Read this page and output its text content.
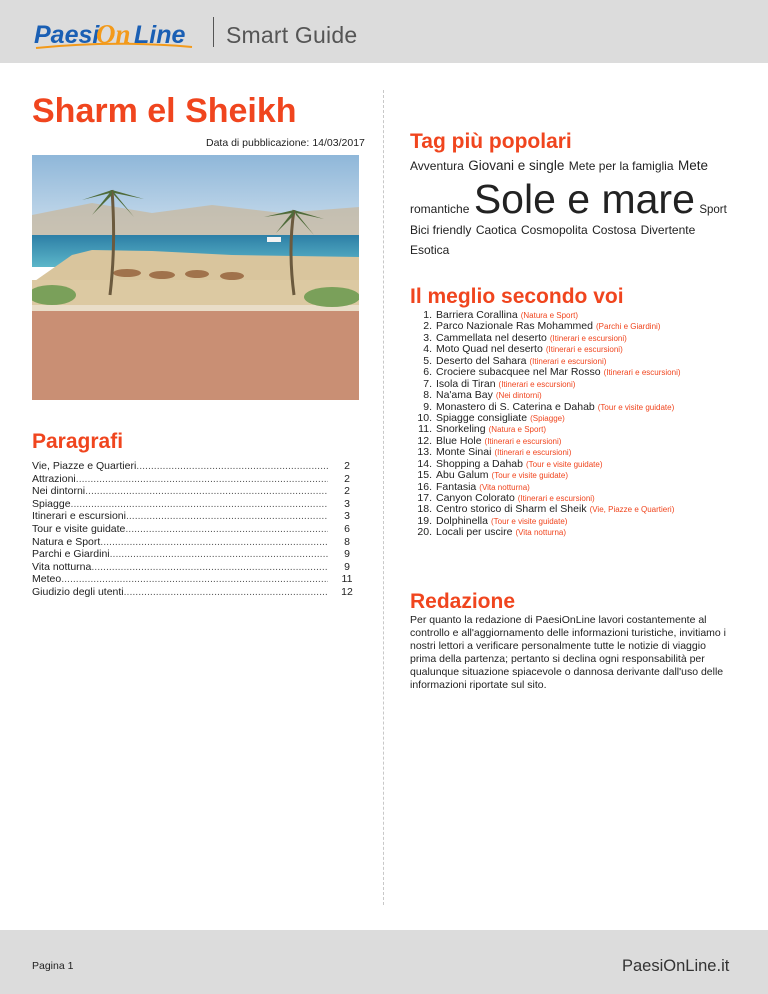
Paesi
On Line Smart Guide
Sharm el Sheikh
Data di pubblicazione: 14/03/2017
Paragrafi
Vie, Piazze e Quartieri .....	2
Attrazioni .....	2
Nei dintorni .....	2
Spiagge .....	3
Itinerari e escursioni .....	3
Tour e visite guidate .....	6
Natura e Sport .....	8
Parchi e Giardini .....	9
Vita notturna .....	9
Meteo .....	11
Giudizio degli utenti .....	12
Tag più popolari
Avventura Giovani e single Mete per la famiglia Mete
romantiche Sole e mare Sport
Bici friendly Caotica Cosmopolita Costosa Divertente
Esotica
Il meglio secondo voi
1. Barriera Corallina (Natura e Sport)
2. Parco Nazionale Ras Mohammed (Parchi e Giardini)
3. Cammellata nel deserto (Itinerari e escursioni)
4. Moto Quad nel deserto (Itinerari e escursioni)
5. Deserto del Sahara (Itinerari e escursioni)
6. Crociere subacquee nel Mar Rosso (Itinerari e escursioni)
7. Isola di Tiran (Itinerari e escursioni)
8. Na'ama Bay (Nei dintorni)
9. Monastero di S. Caterina e Dahab (Tour e visite guidate)
10. Spiagge consigliate (Spiagge)
11. Snorkeling (Natura e Sport)
12. Blue Hole (Itinerari e escursioni)
13. Monte Sinai (Itinerari e escursioni)
14. Shopping a Dahab (Tour e visite guidate)
15. Abu Galum (Tour e visite guidate)
16. Fantasia (Vita notturna)
17. Canyon Colorato (Itinerari e escursioni)
18. Centro storico di Sharm el Sheik (Vie, Piazze e Quartieri)
19. Dolphinella (Tour e visite guidate)
20. Locali per uscire (Vita notturna)
Redazione

Per quanto la redazione di PaesiOnLine lavori costantemente al controllo e all'aggiornamento delle informazioni turistiche, invitiamo i nostri lettori a verificare personalmente tutte le notizie di viaggio prima della partenza; pertanto si declina ogni responsabilità per qualunque situazione spiacevole o dannosa derivante dall'uso delle informazioni riportate sul sito.

Pagina 1	PaesiOnLine.it
